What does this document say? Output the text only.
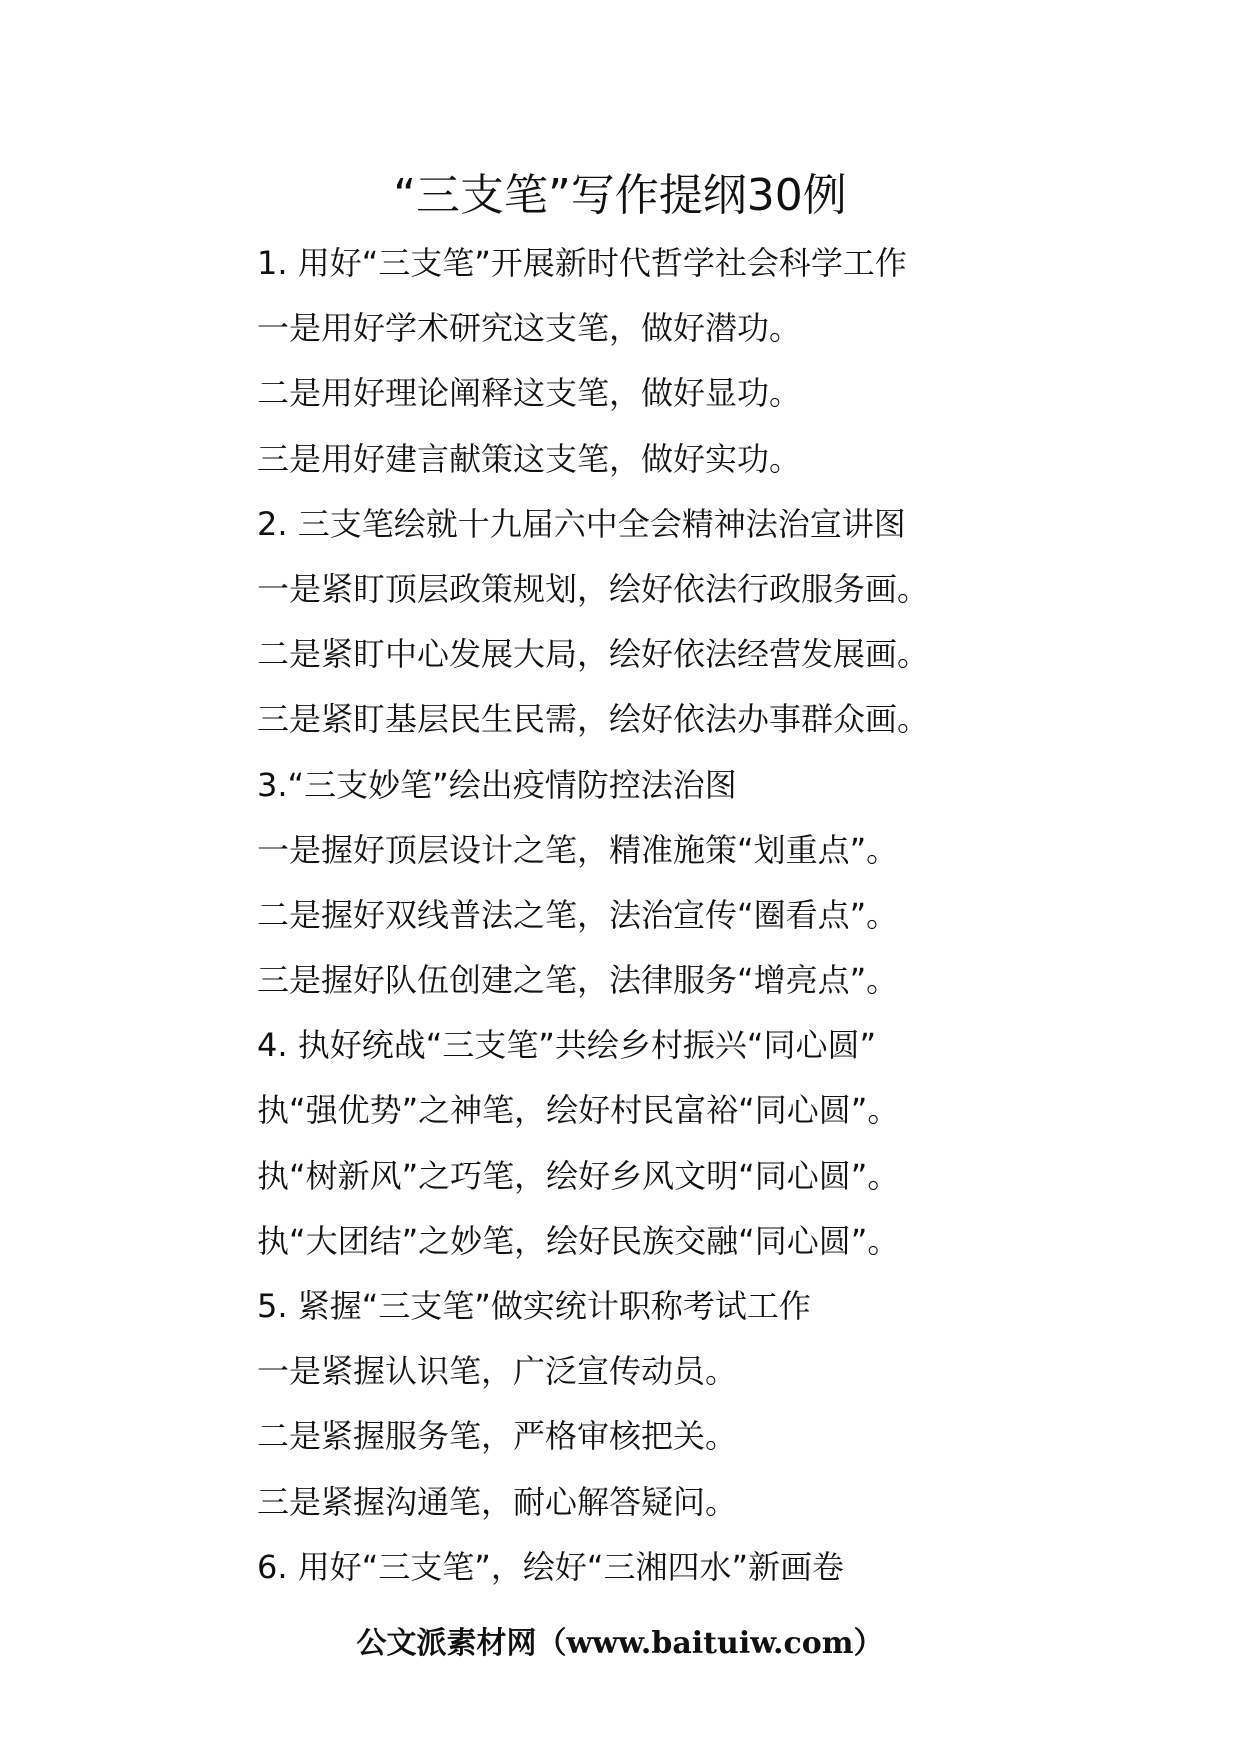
“三支笔”写作提纲30例
1. 用好“三支笔”开展新时代哲学社会科学工作
一是用好学术研究这支笔，做好潜功。
二是用好理论阐释这支笔，做好显功。
三是用好建言献策这支笔，做好实功。
2. 三支笔绘就十九届六中全会精神法治宣讲图
一是紧盯顶层政策规划，绘好依法行政服务画。
二是紧盯中心发展大局，绘好依法经营发展画。
三是紧盯基层民生民需，绘好依法办事群众画。
3.“三支妙笔”绘出疫情防控法治图
一是握好顶层设计之笔，精准施策“划重点”。
二是握好双线普法之笔，法治宣传“圈看点”。
三是握好队伍创建之笔，法律服务“增亮点”。
4. 执好统战“三支笔”共绘乡村振兴“同心圆”
执“强优势”之神笔，绘好村民富裕“同心圆”。
执“树新风”之巧笔，绘好乡风文明“同心圆”。
执“大团结”之妙笔，绘好民族交融“同心圆”。
5. 紧握“三支笔”做实统计职称考试工作
一是紧握认识笔，广泛宣传动员。
二是紧握服务笔，严格审核把关。
三是紧握沟通笔，耐心解答疑问。
6. 用好“三支笔”，绘好“三湘四水”新画卷
公文派素材网（www.baituiw.com）
